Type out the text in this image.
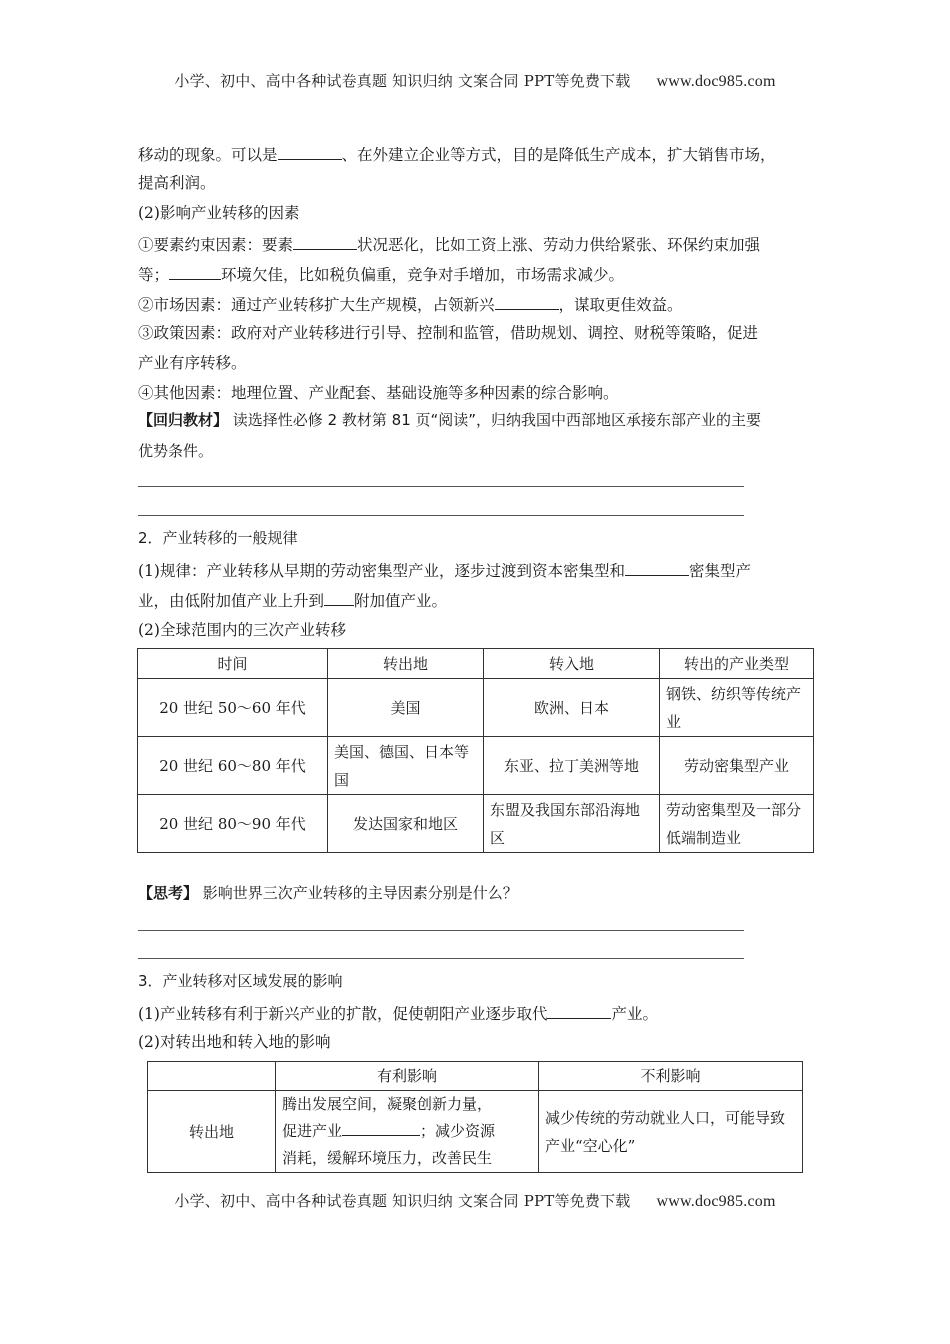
小学、初中、高中各种试卷真题 知识归纳 文案合同 PPT等免费下载 www.doc985.com
移动的现象。可以是	、在外建立企业等方式，目的是降低生产成本，扩大销售市场，
提高利润。
(2)影响产业转移的因素
①要素约束因素：要素	状况恶化，比如工资上涨、劳动力供给紧张、环保约束加强
等；	环境欠佳，比如税负偏重，竞争对手增加，市场需求减少。
②市场因素：通过产业转移扩大生产规模，占领新兴	，谋取更佳效益。
③政策因素：政府对产业转移进行引导、控制和监管，借助规划、调控、财税等策略，促进
产业有序转移。
④其他因素：地理位置、产业配套、基础设施等多种因素的综合影响。
【回归教材】 读选择性必修 2 教材第 81 页“阅读”，归纳我国中西部地区承接东部产业的主要
优势条件。
2．产业转移的一般规律
(1)规律：产业转移从早期的劳动密集型产业，逐步过渡到资本密集型和	密集型产
业，由低附加值产业上升到 附加值产业。
(2)全球范围内的三次产业转移
时间	转出地	转入地	转出的产业类型
20 世纪 50～60 年代	美国	欧洲、日本	钢铁、纺织等传统产业
20 世纪 60～80 年代	美国、德国、日本等国	东亚、拉丁美洲等地	劳动密集型产业
20 世纪 80～90 年代	发达国家和地区	东盟及我国东部沿海地区	劳动密集型及一部分低端制造业
【思考】 影响世界三次产业转移的主导因素分别是什么？
3．产业转移对区域发展的影响
(1)产业转移有利于新兴产业的扩散，促使朝阳产业逐步取代	产业。
(2)对转出地和转入地的影响
	有利影响	不利影响
转出地	腾出发展空间，凝聚创新力量，
促进产业 ；减少资源
消耗，缓解环境压力，改善民生	减少传统的劳动就业人口，可能导致产业“空心化”
小学、初中、高中各种试卷真题 知识归纳 文案合同 PPT等免费下载 www.doc985.com
